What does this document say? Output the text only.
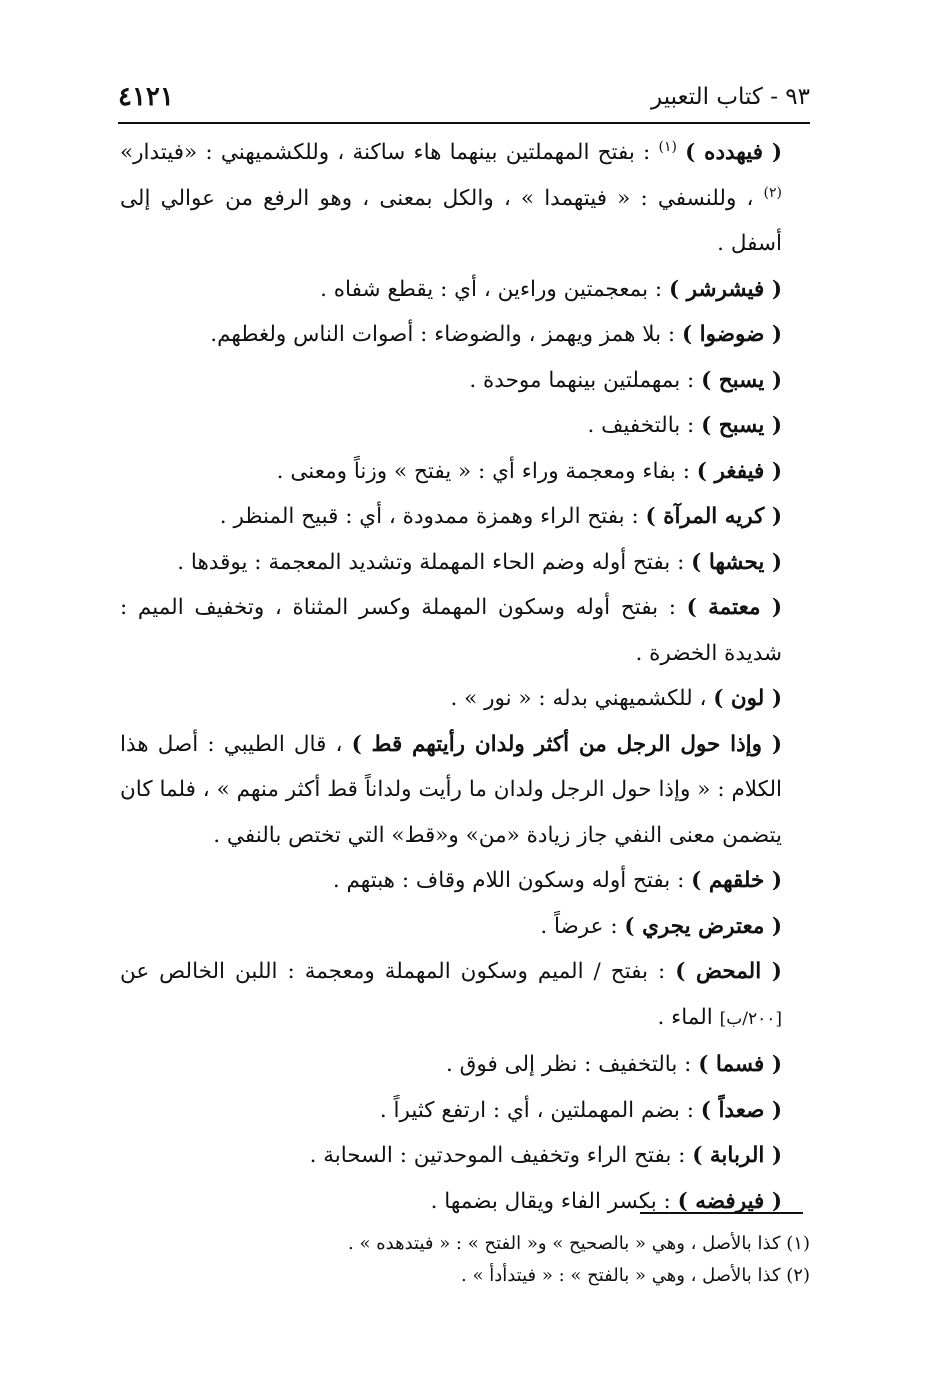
٤١٢١	٩٣ - كتاب التعبير

( فيهدده ) $^{(١)}$ : بفتح المهملتين بينهما هاء ساكنة ، وللكشميهني : «فيتدار» $^{(٢)}$ ، وللنسفي : « فيتهمدا » ، والكل بمعنى ، وهو الرفع من عوالي إلى أسفل .

( فيشرشر ) : بمعجمتين وراءين ، أي : يقطع شفاه .

( ضوضوا ) : بلا همز ويهمز ، والضوضاء : أصوات الناس ولغطهم.

( يسبح ) : بمهملتين بينهما موحدة .

( يسبح ) : بالتخفيف .

( فيفغر ) : بفاء ومعجمة وراء أي : « يفتح » وزناً ومعنى .

( كريه المرآة ) : بفتح الراء وهمزة ممدودة ، أي : قبيح المنظر .

( يحشها ) : بفتح أوله وضم الحاء المهملة وتشديد المعجمة : يوقدها .

( معتمة ) : بفتح أوله وسكون المهملة وكسر المثناة ، وتخفيف الميم : شديدة الخضرة .

( لون ) ، للكشميهني بدله : « نور » .

( وإذا حول الرجل من أكثر ولدان رأيتهم قط ) ، قال الطيبي : أصل هذا الكلام : « وإذا حول الرجل ولدان ما رأيت ولداناً قط أكثر منهم » ، فلما كان يتضمن معنى النفي جاز زيادة «من» و«قط» التي تختص بالنفي .

( خلقهم ) : بفتح أوله وسكون اللام وقاف : هبتهم .

( معترض يجري ) : عرضاً .

( المحض ) : بفتح / الميم وسكون المهملة ومعجمة : اللبن الخالص عن [٢٠٠/ب] الماء .

( فسما ) : بالتخفيف : نظر إلى فوق .

( صعداً ) : بضم المهملتين ، أي : ارتفع كثيراً .

( الربابة ) : بفتح الراء وتخفيف الموحدتين : السحابة .

( فيرفضه ) : بكسر الفاء ويقال بضمها .

(١) كذا بالأصل ، وهي « بالصحيح » و« الفتح » : « فيتدهده » .

(٢) كذا بالأصل ، وهي « بالفتح » : « فيتدأدأ » .
